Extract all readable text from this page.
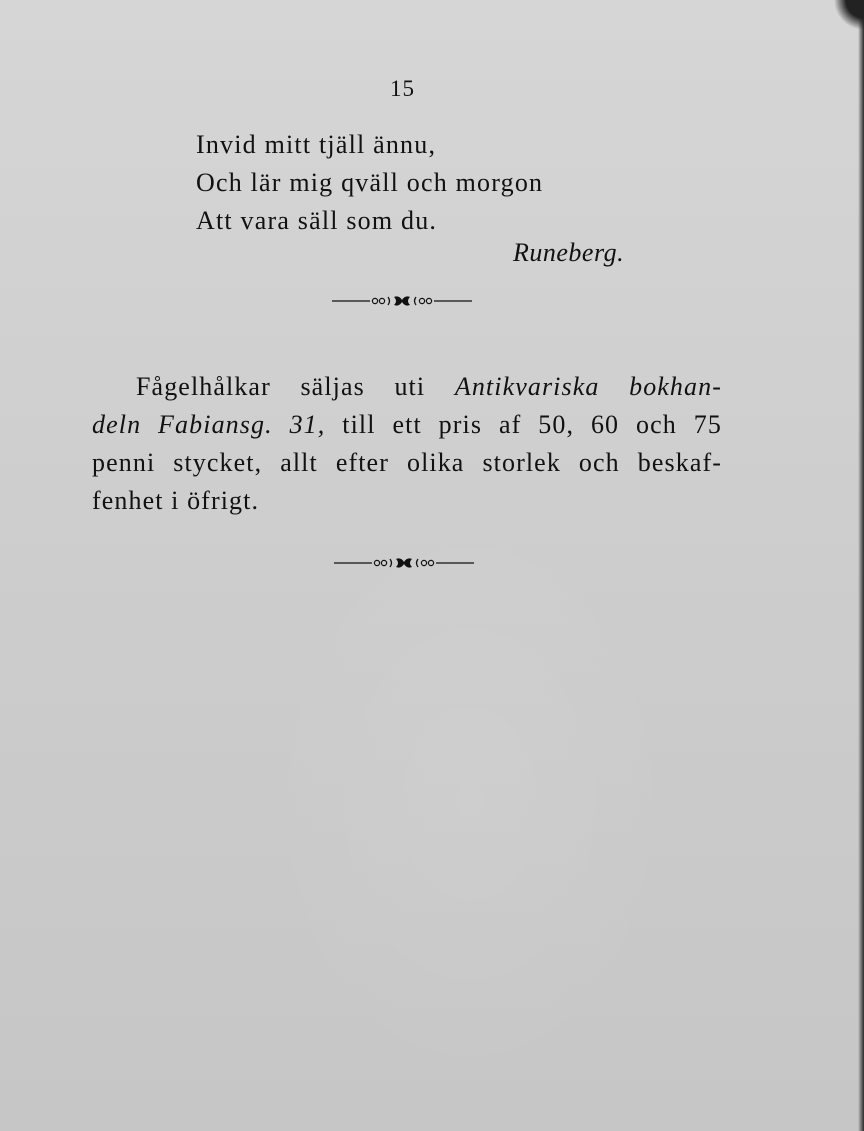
15
Invid mitt tjäll ännu,
Och lär mig qväll och morgon
Att vara säll som du.
Runeberg.
Fågelhålkar säljas uti Antikvariska bokhan-
deln Fabiansg. 31, till ett pris af 50, 60 och 75
penni stycket, allt efter olika storlek och beskaf-
fenhet i öfrigt.
